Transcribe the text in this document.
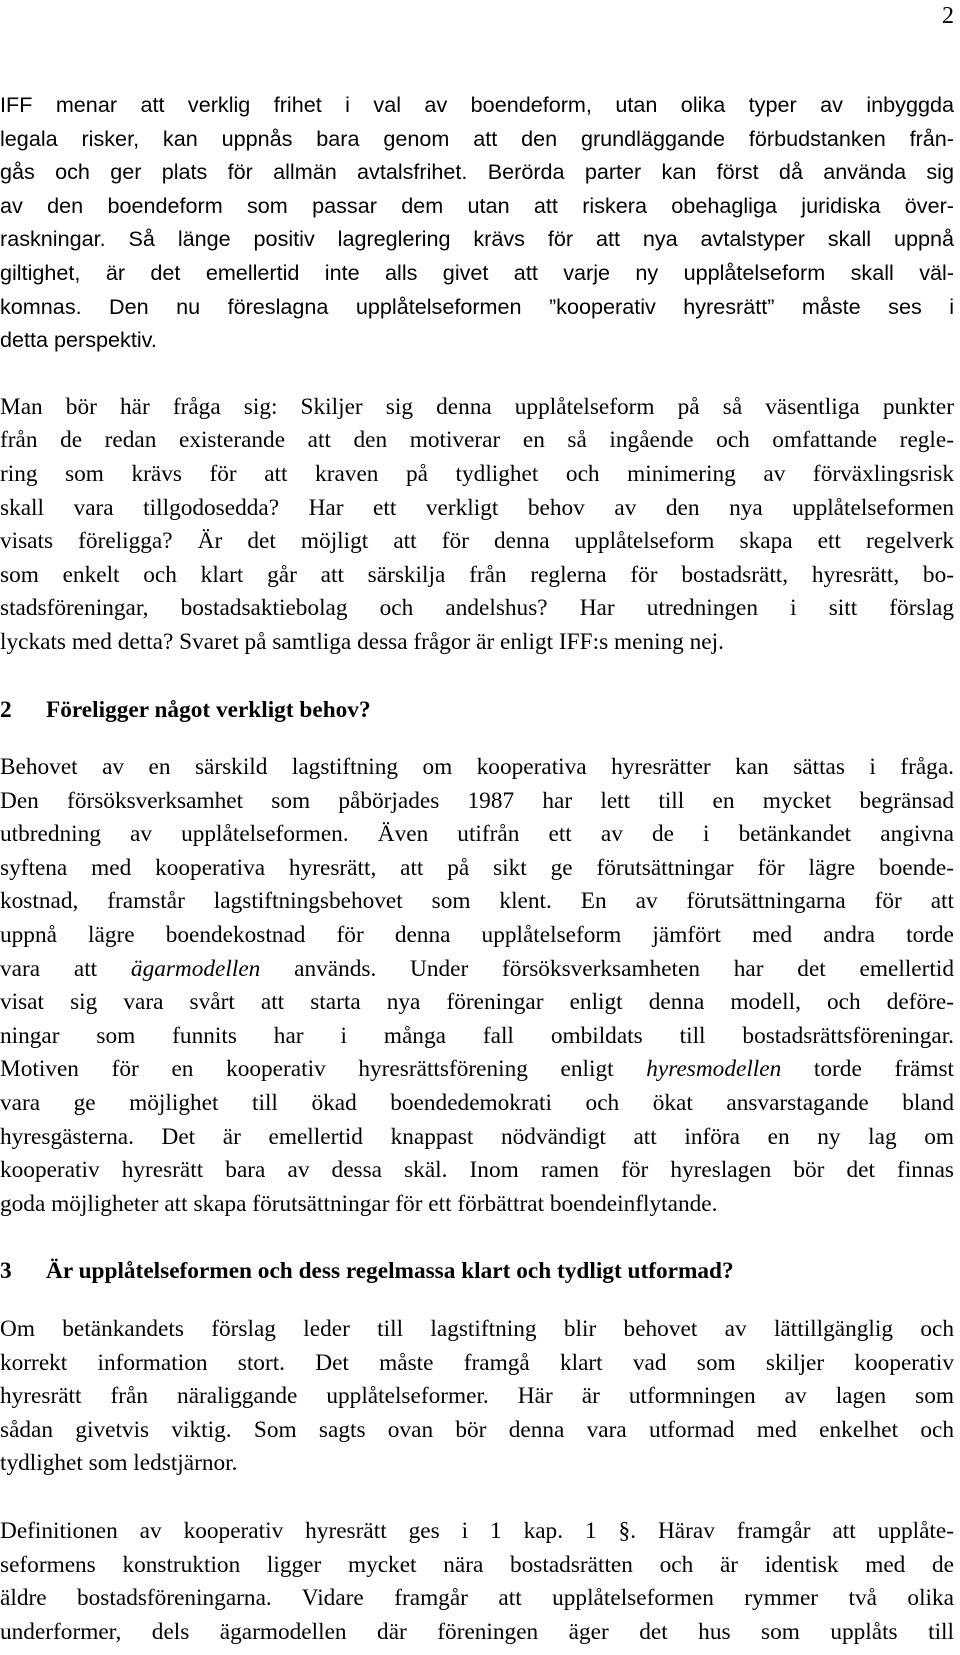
2
IFF menar att verklig frihet i val av boendeform, utan olika typer av inbyggda
legala risker, kan uppnås bara genom att den grundläggande förbudstanken från-
gås och ger plats för allmän avtalsfrihet. Berörda parter kan först då använda sig
av den boendeform som passar dem utan att riskera obehagliga juridiska över-
raskningar. Så länge positiv lagreglering krävs för att nya avtalstyper skall uppnå
giltighet, är det emellertid inte alls givet att varje ny upplåtelseform skall väl-
komnas. Den nu föreslagna upplåtelseformen ”kooperativ hyresrätt” måste ses i
detta perspektiv.
Man bör här fråga sig: Skiljer sig denna upplåtelseform på så väsentliga punkter
från de redan existerande att den motiverar en så ingående och omfattande regle-
ring som krävs för att kraven på tydlighet och minimering av förväxlingsrisk
skall vara tillgodosedda? Har ett verkligt behov av den nya upplåtelseformen
visats föreligga? Är det möjligt att för denna upplåtelseform skapa ett regelverk
som enkelt och klart går att särskilja från reglerna för bostadsrätt, hyresrätt, bo-
stadsföreningar, bostadsaktiebolag och andelshus? Har utredningen i sitt förslag
lyckats med detta? Svaret på samtliga dessa frågor är enligt IFF:s mening nej.
2 Föreligger något verkligt behov?
Behovet av en särskild lagstiftning om kooperativa hyresrätter kan sättas i fråga.
Den försöksverksamhet som påbörjades 1987 har lett till en mycket begränsad
utbredning av upplåtelseformen. Även utifrån ett av de i betänkandet angivna
syftena med kooperativa hyresrätt, att på sikt ge förutsättningar för lägre boende-
kostnad, framstår lagstiftningsbehovet som klent. En av förutsättningarna för att
uppnå lägre boendekostnad för denna upplåtelseform jämfört med andra torde
vara att ägarmodellen används. Under försöksverksamheten har det emellertid
visat sig vara svårt att starta nya föreningar enligt denna modell, och deföre-
ningar som funnits har i många fall ombildats till bostadsrättsföreningar.
Motiven för en kooperativ hyresrättsförening enligt hyresmodellen torde främst
vara ge möjlighet till ökad boendedemokrati och ökat ansvarstagande bland
hyresgästerna. Det är emellertid knappast nödvändigt att införa en ny lag om
kooperativ hyresrätt bara av dessa skäl. Inom ramen för hyreslagen bör det finnas
goda möjligheter att skapa förutsättningar för ett förbättrat boendeinflytande.
3 Är upplåtelseformen och dess regelmassa klart och tydligt utformad?
Om betänkandets förslag leder till lagstiftning blir behovet av lättillgänglig och
korrekt information stort. Det måste framgå klart vad som skiljer kooperativ
hyresrätt från näraliggande upplåtelseformer. Här är utformningen av lagen som
sådan givetvis viktig. Som sagts ovan bör denna vara utformad med enkelhet och
tydlighet som ledstjärnor.
Definitionen av kooperativ hyresrätt ges i 1 kap. 1 §. Härav framgår att upplåte-
seformens konstruktion ligger mycket nära bostadsrätten och är identisk med de
äldre bostadsföreningarna. Vidare framgår att upplåtelseformen rymmer två olika
underformer, dels ägarmodellen där föreningen äger det hus som upplåts till
